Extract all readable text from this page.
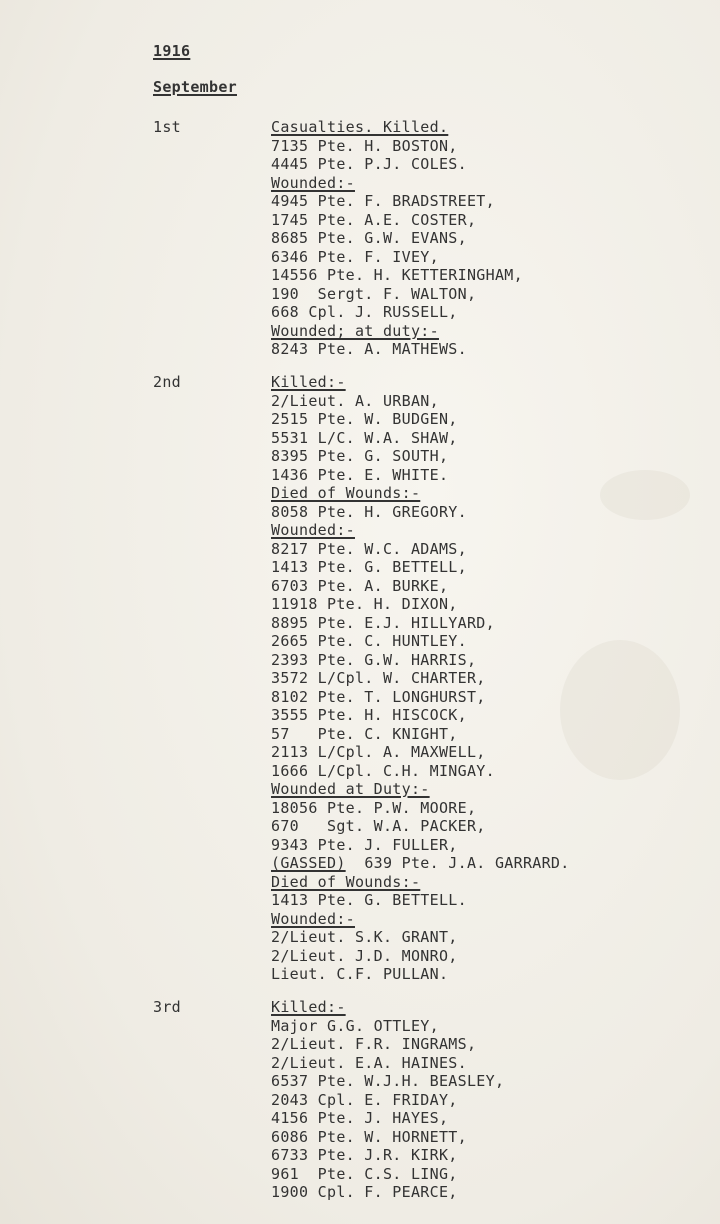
1916
September
1st	Casualties. Killed.
7135 Pte. H. BOSTON,
4445 Pte. P.J. COLES.
Wounded:-
4945 Pte. F. BRADSTREET,
1745 Pte. A.E. COSTER,
8685 Pte. G.W. EVANS,
6346 Pte. F. IVEY,
14556 Pte. H. KETTERINGHAM,
190  Sergt. F. WALTON,
668 Cpl. J. RUSSELL,
Wounded; at duty:-
8243 Pte. A. MATHEWS.
2nd	Killed:-
2/Lieut. A. URBAN,
2515 Pte. W. BUDGEN,
5531 L/C. W.A. SHAW,
8395 Pte. G. SOUTH,
1436 Pte. E. WHITE.
Died of Wounds:-
8058 Pte. H. GREGORY.
Wounded:-
8217 Pte. W.C. ADAMS,
1413 Pte. G. BETTELL,
6703 Pte. A. BURKE,
11918 Pte. H. DIXON,
8895 Pte. E.J. HILLYARD,
2665 Pte. C. HUNTLEY.
2393 Pte. G.W. HARRIS,
3572 L/Cpl. W. CHARTER,
8102 Pte. T. LONGHURST,
3555 Pte. H. HISCOCK,
57   Pte. C. KNIGHT,
2113 L/Cpl. A. MAXWELL,
1666 L/Cpl. C.H. MINGAY.
Wounded at Duty:-
18056 Pte. P.W. MOORE,
670   Sgt. W.A. PACKER,
9343 Pte. J. FULLER,
(GASSED)  639 Pte. J.A. GARRARD.
Died of Wounds:-
1413 Pte. G. BETTELL.
Wounded:-
2/Lieut. S.K. GRANT,
2/Lieut. J.D. MONRO,
Lieut. C.F. PULLAN.
3rd	Killed:-
Major G.G. OTTLEY,
2/Lieut. F.R. INGRAMS,
2/Lieut. E.A. HAINES.
6537 Pte. W.J.H. BEASLEY,
2043 Cpl. E. FRIDAY,
4156 Pte. J. HAYES,
6086 Pte. W. HORNETT,
6733 Pte. J.R. KIRK,
961  Pte. C.S. LING,
1900 Cpl. F. PEARCE,
